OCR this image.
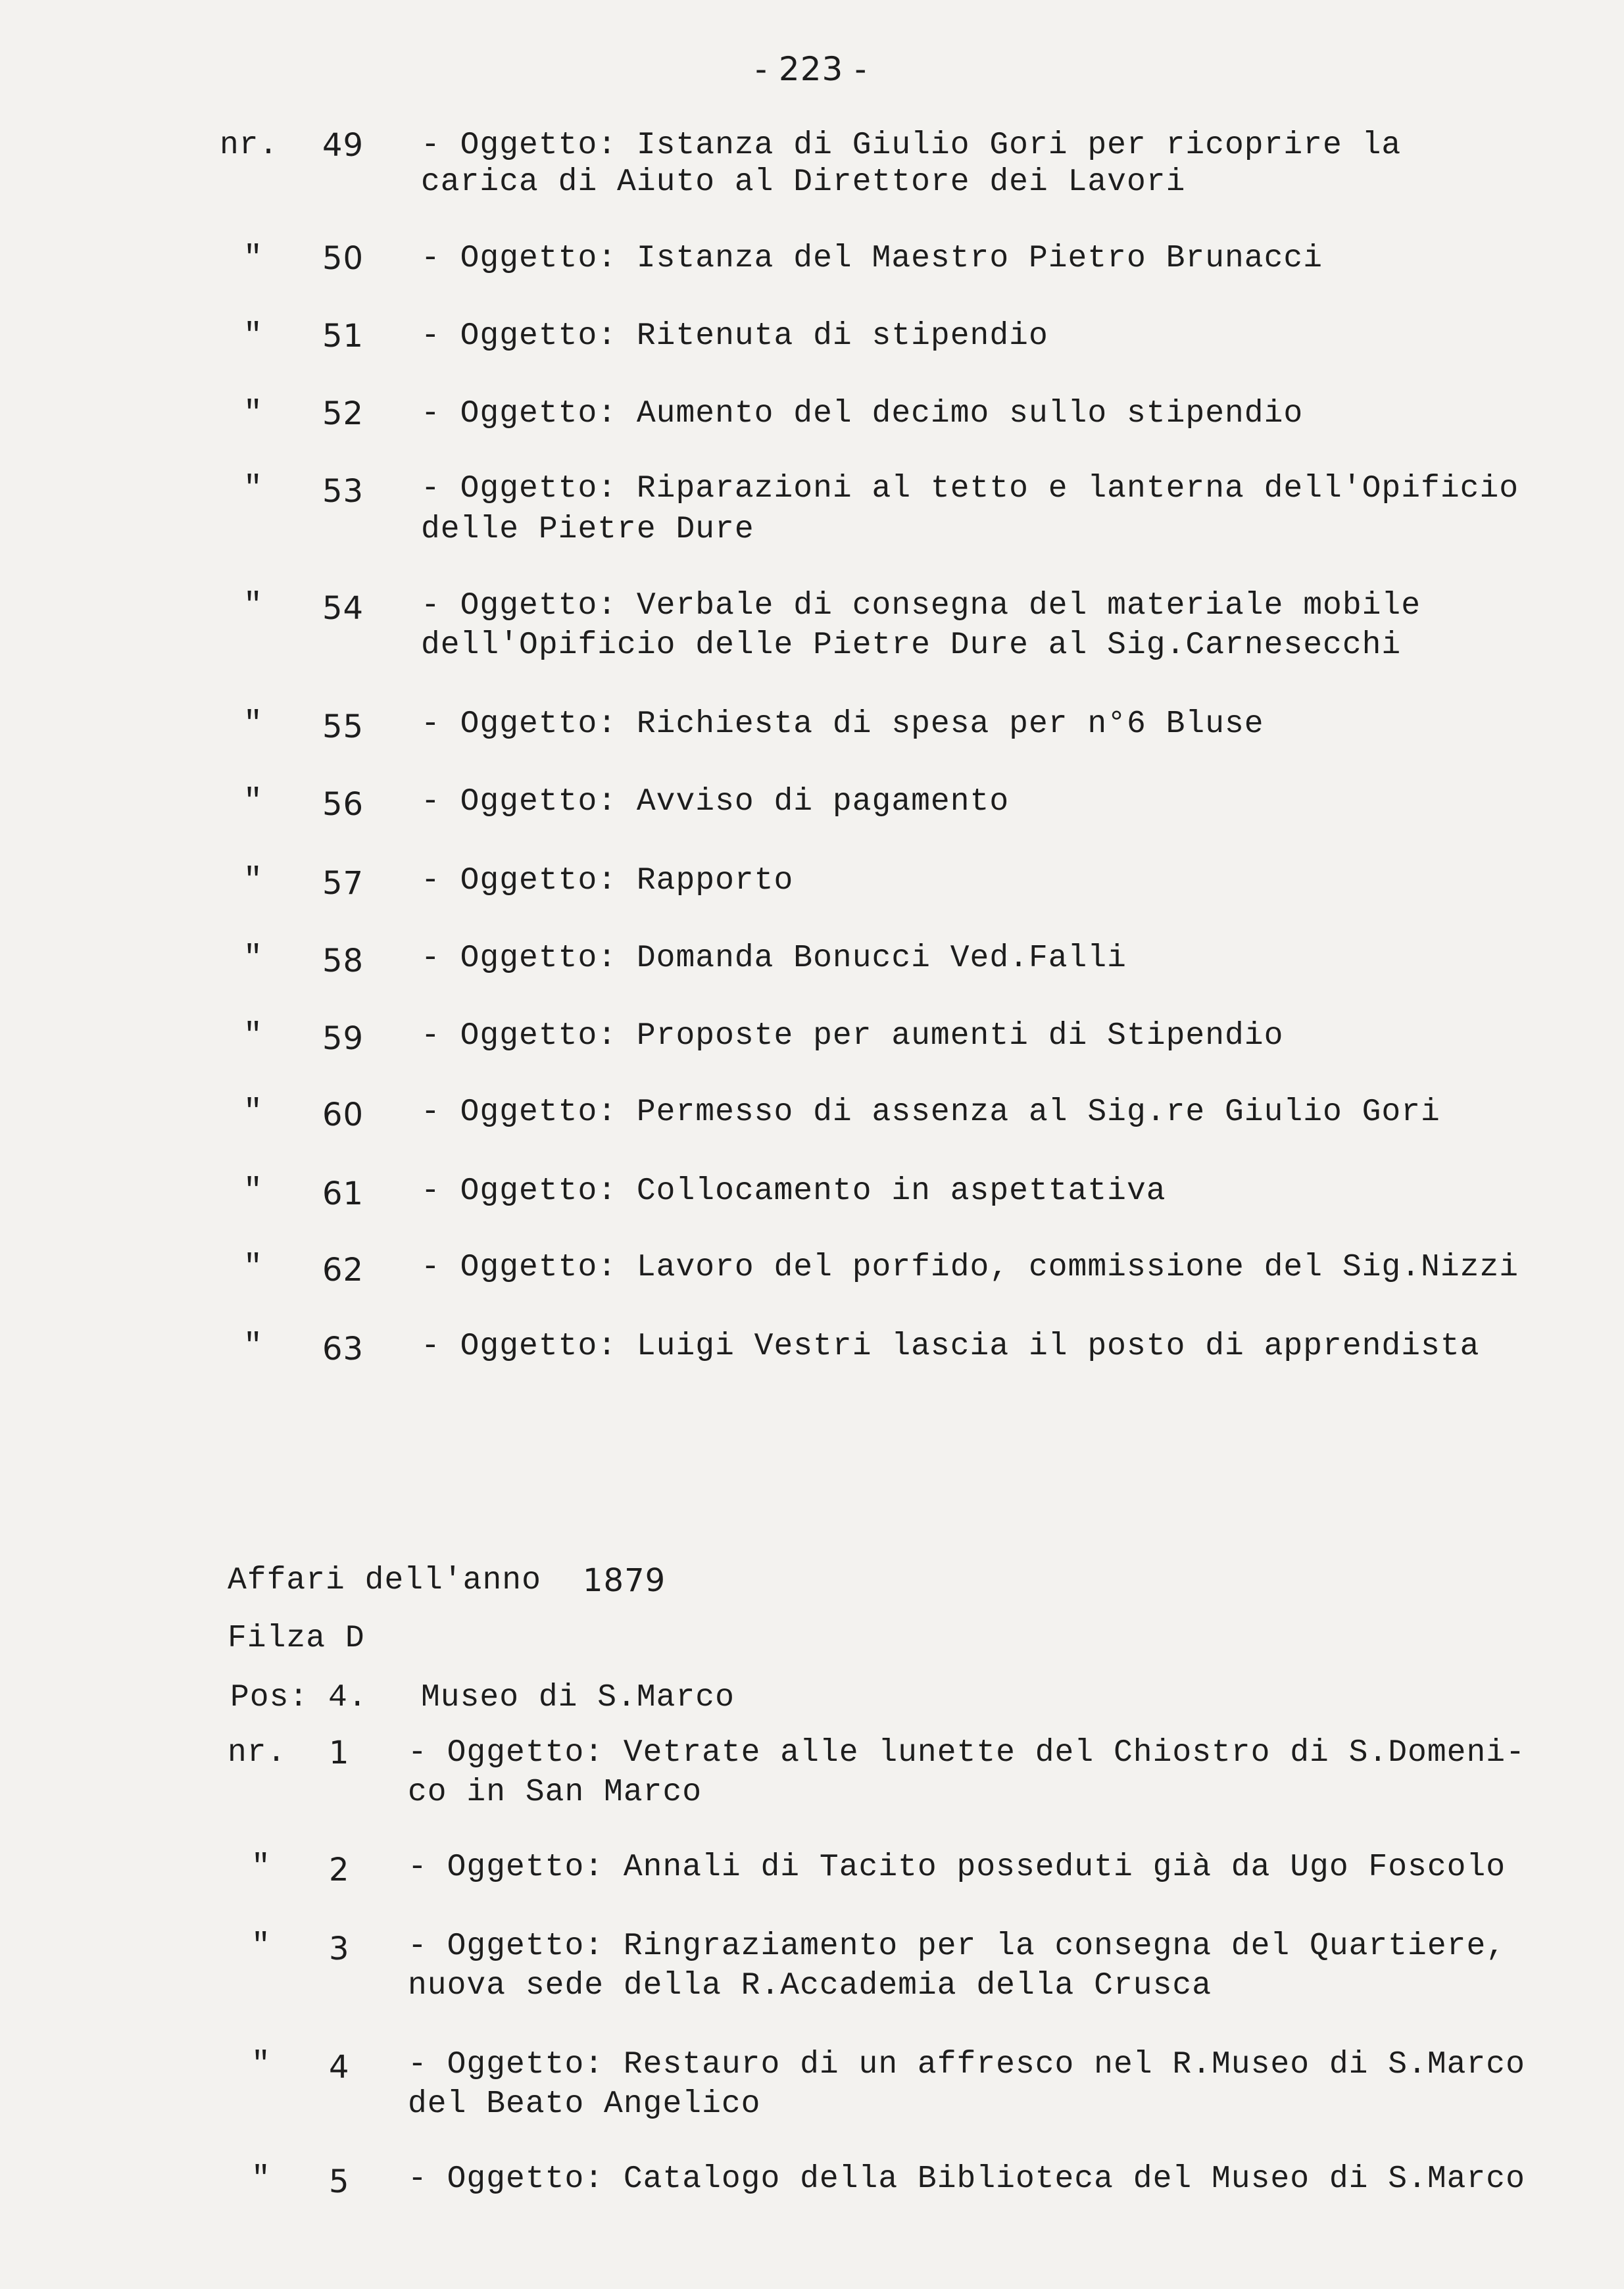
- 223 -
nr. 49 - Oggetto: Istanza di Giulio Gori per ricoprire la
carica di Aiuto al Direttore dei Lavori
" 50 - Oggetto: Istanza del Maestro Pietro Brunacci
" 51 - Oggetto: Ritenuta di stipendio
" 52 - Oggetto: Aumento del decimo sullo stipendio
" 53 - Oggetto: Riparazioni al tetto e lanterna dell'Opificio
delle Pietre Dure
" 54 - Oggetto: Verbale di consegna del materiale mobile
dell'Opificio delle Pietre Dure al Sig.Carnesecchi
" 55 - Oggetto: Richiesta di spesa per n°6 Bluse
" 56 - Oggetto: Avviso di pagamento
" 57 - Oggetto: Rapporto
" 58 - Oggetto: Domanda Bonucci Ved.Falli
" 59 - Oggetto: Proposte per aumenti di Stipendio
" 60 - Oggetto: Permesso di assenza al Sig.re Giulio Gori
" 61 - Oggetto: Collocamento in aspettativa
" 62 - Oggetto: Lavoro del porfido, commissione del Sig.Nizzi
" 63 - Oggetto: Luigi Vestri lascia il posto di apprendista
Affari dell'anno 1879
Filza D
Pos: 4. Museo di S.Marco
nr. 1 - Oggetto: Vetrate alle lunette del Chiostro di S.Domeni-
co in San Marco
" 2 - Oggetto: Annali di Tacito posseduti già da Ugo Foscolo
" 3 - Oggetto: Ringraziamento per la consegna del Quartiere,
nuova sede della R.Accademia della Crusca
" 4 - Oggetto: Restauro di un affresco nel R.Museo di S.Marco
del Beato Angelico
" 5 - Oggetto: Catalogo della Biblioteca del Museo di S.Marco
